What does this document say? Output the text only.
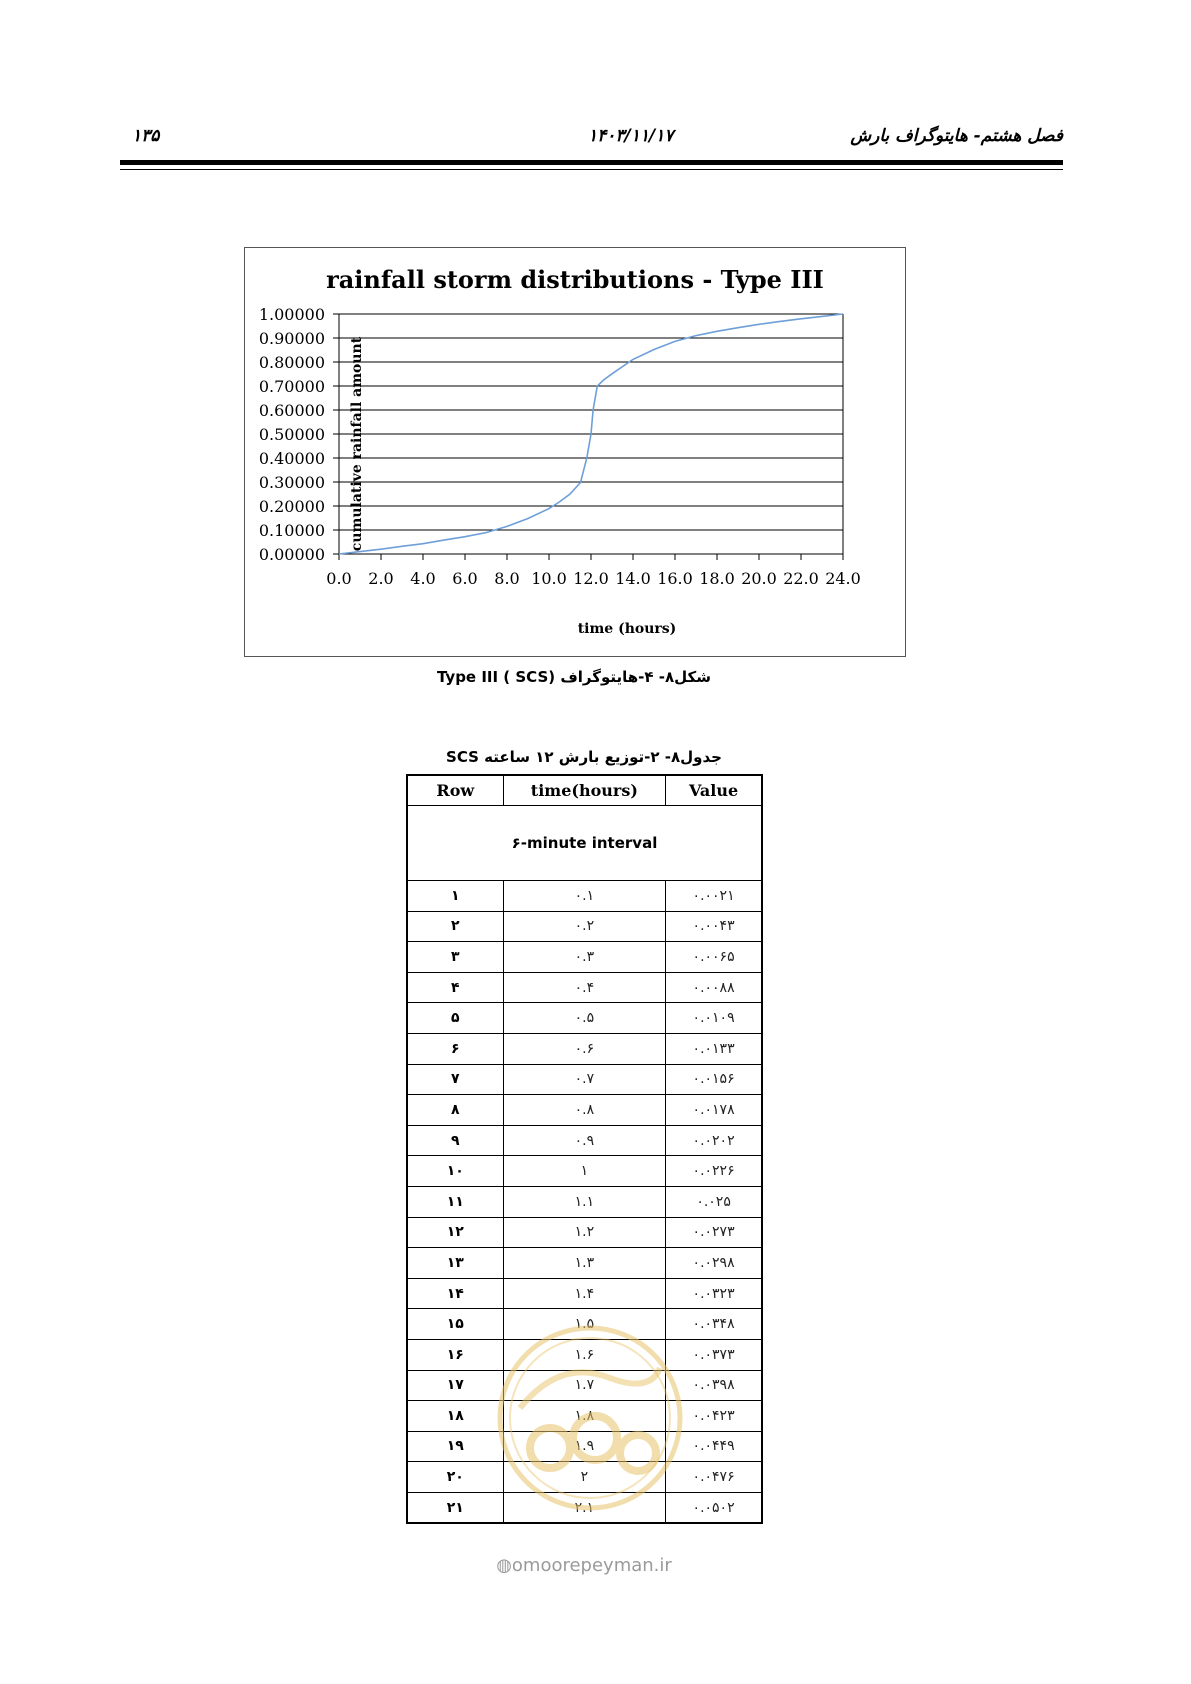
۱۳۵	۱۴۰۳/۱۱/۱۷	فصل هشتم- هایتوگراف بارش
rainfall storm distributions - Type III
0.00000
0.10000
0.20000
0.30000
0.40000
0.50000
0.60000
0.70000
0.80000
0.90000
1.00000
0.0 2.0 4.0 6.0 8.0 10.0 12.0 14.0 16.0 18.0 20.0 22.0 24.0
cumulative rainfall amount
time (hours)
شکل۸- ۴-هایتوگراف Type III ( SCS)
جدول۸- ۲-توزیع بارش ۱۲ ساعته SCS
Row	time(hours)	Value
۶-minute interval		
۱	۰.۱	۰.۰۰۲۱
۲	۰.۲	۰.۰۰۴۳
۳	۰.۳	۰.۰۰۶۵
۴	۰.۴	۰.۰۰۸۸
۵	۰.۵	۰.۰۱۰۹
۶	۰.۶	۰.۰۱۳۳
۷	۰.۷	۰.۰۱۵۶
۸	۰.۸	۰.۰۱۷۸
۹	۰.۹	۰.۰۲۰۲
۱۰	۱	۰.۰۲۲۶
۱۱	۱.۱	۰.۰۲۵
۱۲	۱.۲	۰.۰۲۷۳
۱۳	۱.۳	۰.۰۲۹۸
۱۴	۱.۴	۰.۰۳۲۳
۱۵	۱.۵	۰.۰۳۴۸
۱۶	۱.۶	۰.۰۳۷۳
۱۷	۱.۷	۰.۰۳۹۸
۱۸	۱.۸	۰.۰۴۲۳
۱۹	۱.۹	۰.۰۴۴۹
۲۰	۲	۰.۰۴۷۶
۲۱	۲.۱	۰.۰۵۰۲
◍omoorepeyman.ir
